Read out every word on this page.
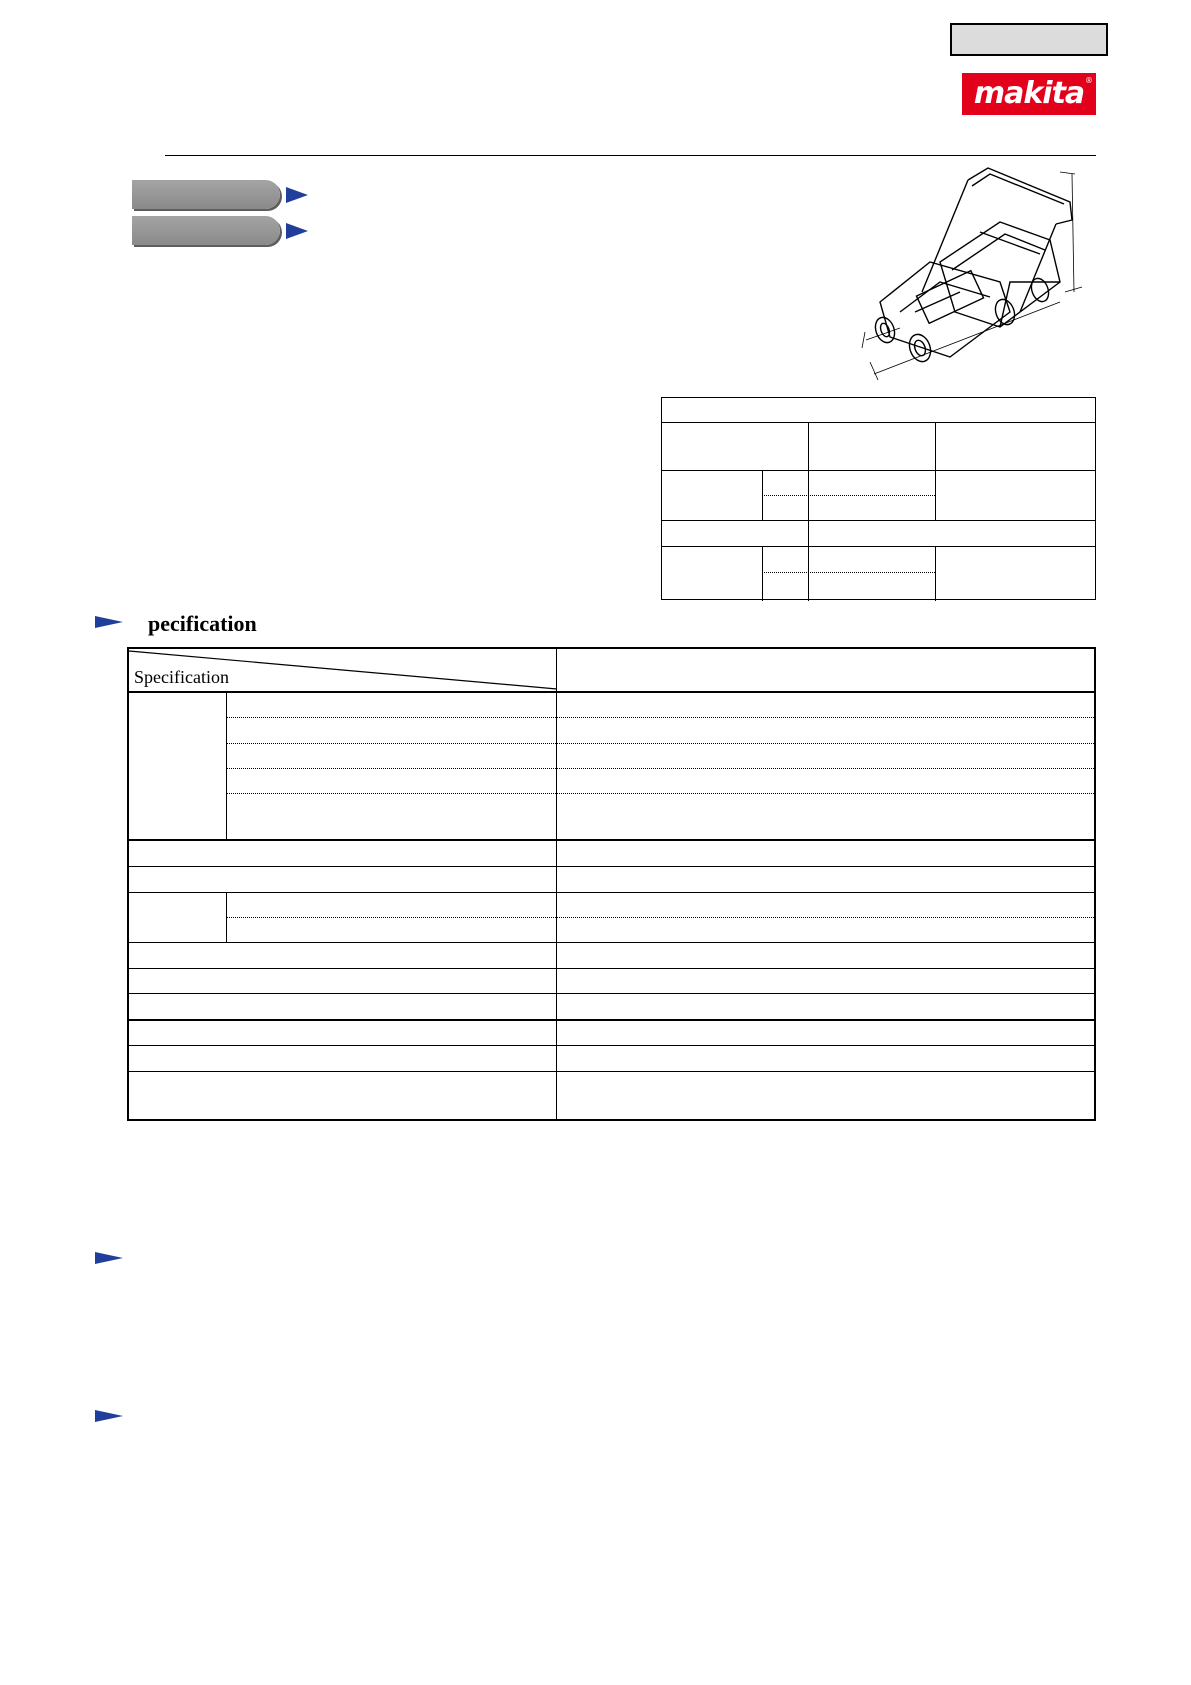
makita®
pecification
Specification
